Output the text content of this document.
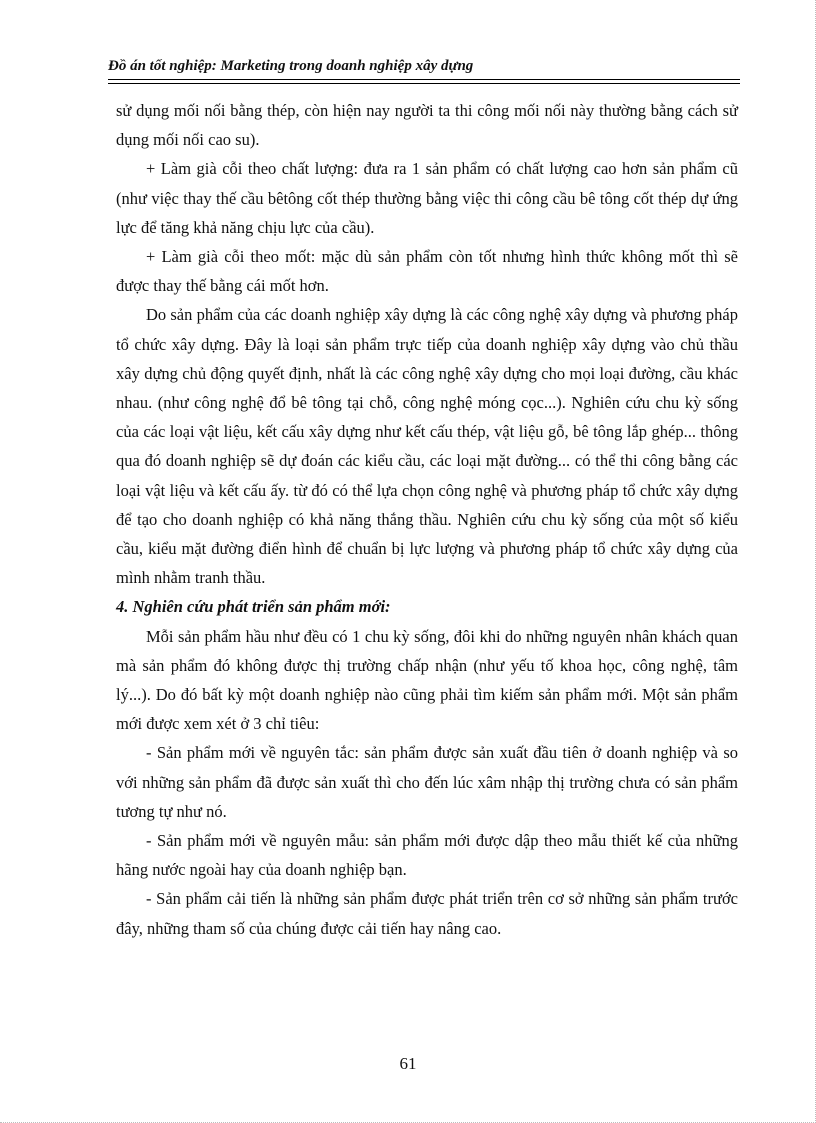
Đồ án tốt nghiệp: Marketing trong doanh nghiệp xây dựng

sử dụng mối nối bằng thép, còn hiện nay người ta thi công mối nối này thường bằng cách sử dụng mối nối cao su).

+ Làm già cỗi theo chất lượng: đưa ra 1 sản phẩm có chất lượng cao hơn sản phẩm cũ (như việc thay thế cầu bêtông cốt thép thường bằng việc thi công cầu bê tông cốt thép dự ứng lực để tăng khả năng chịu lực của cầu).

+ Làm già cỗi theo mốt: mặc dù sản phẩm còn tốt nhưng hình thức không mốt thì sẽ được thay thế bằng cái mốt hơn.

Do sản phẩm của các doanh nghiệp xây dựng là các công nghệ xây dựng và phương pháp tổ chức xây dựng. Đây là loại sản phẩm trực tiếp của doanh nghiệp xây dựng vào chủ thầu xây dựng chủ động quyết định, nhất là các công nghệ xây dựng cho mọi loại đường, cầu khác nhau. (như công nghệ đổ bê tông tại chỗ, công nghệ móng cọc...). Nghiên cứu chu kỳ sống của các loại vật liệu, kết cấu xây dựng như kết cấu thép, vật liệu gỗ, bê tông lắp ghép... thông qua đó doanh nghiệp sẽ dự đoán các kiểu cầu, các loại mặt đường... có thể thi công bằng các loại vật liệu và kết cấu ấy. từ đó có thể lựa chọn công nghệ và phương pháp tổ chức xây dựng để tạo cho doanh nghiệp có khả năng thắng thầu. Nghiên cứu chu kỳ sống của một số kiểu cầu, kiểu mặt đường điển hình để chuẩn bị lực lượng và phương pháp tổ chức xây dựng của mình nhằm tranh thầu.

4. Nghiên cứu phát triển sản phẩm mới:

Mỗi sản phẩm hầu như đều có 1 chu kỳ sống, đôi khi do những nguyên nhân khách quan mà sản phẩm đó không được thị trường chấp nhận (như yếu tố khoa học, công nghệ, tâm lý...). Do đó bất kỳ một doanh nghiệp nào cũng phải tìm kiếm sản phẩm mới. Một sản phẩm mới được xem xét ở 3 chỉ tiêu:

- Sản phẩm mới về nguyên tắc: sản phẩm được sản xuất đầu tiên ở doanh nghiệp và so với những sản phẩm đã được sản xuất thì cho đến lúc xâm nhập thị trường chưa có sản phẩm tương tự như nó.

- Sản phẩm mới về nguyên mẫu: sản phẩm mới được dập theo mẫu thiết kế của những hãng nước ngoài hay của doanh nghiệp bạn.

- Sản phẩm cải tiến là những sản phẩm được phát triển trên cơ sở những sản phẩm trước đây, những tham số của chúng được cải tiến hay nâng cao.

61
